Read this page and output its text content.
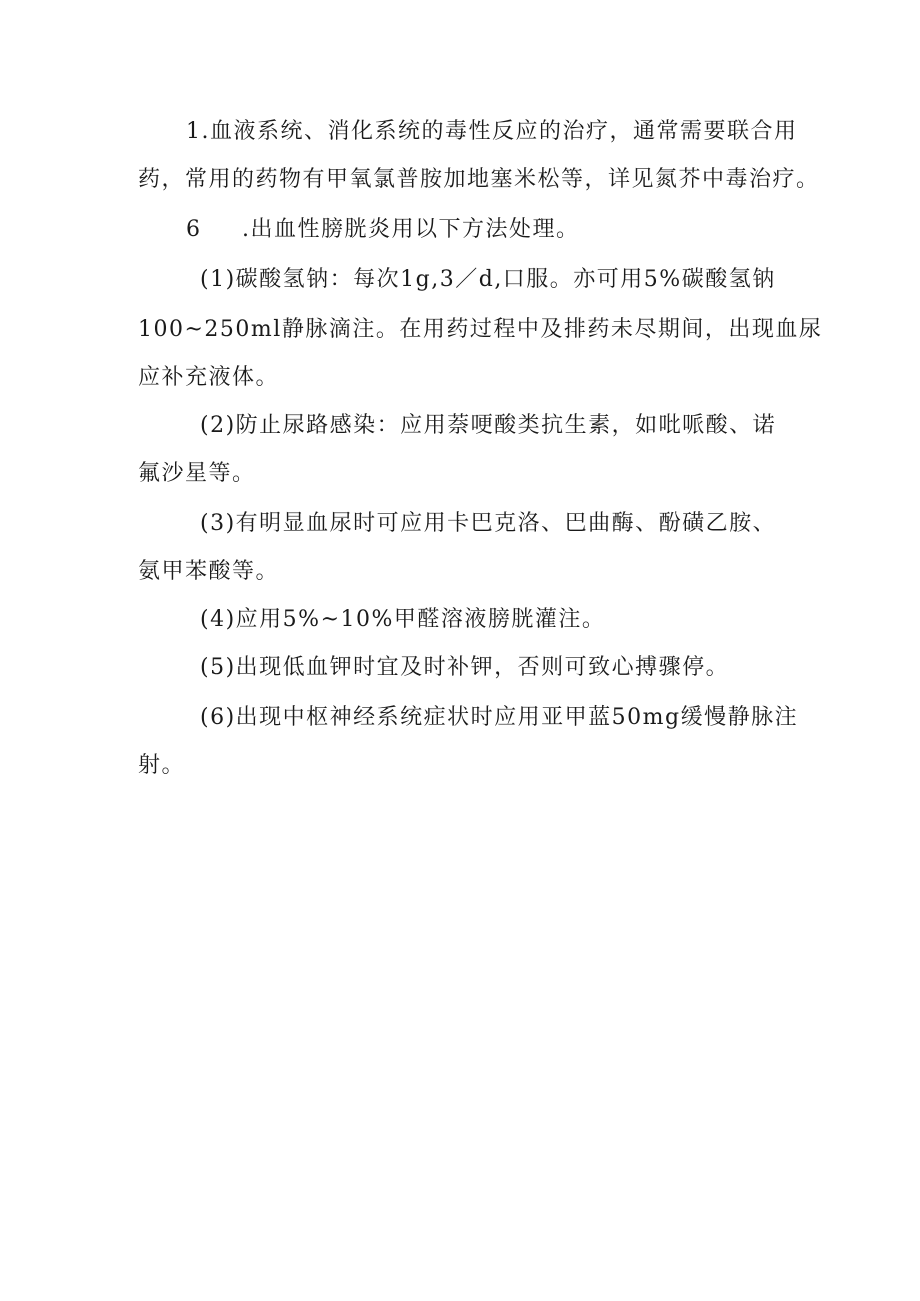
1.血液系统、消化系统的毒性反应的治疗，通常需要联合用
药，常用的药物有甲氧氯普胺加地塞米松等，详见氮芥中毒治疗。
6 .出血性膀胱炎用以下方法处理。
(1)碳酸氢钠：每次1g,3／d,口服。亦可用5%碳酸氢钠
100~250ml静脉滴注。在用药过程中及排药未尽期间，出现血尿
应补充液体。
(2)防止尿路感染：应用萘哽酸类抗生素，如吡哌酸、诺
氟沙星等。
(3)有明显血尿时可应用卡巴克洛、巴曲酶、酚磺乙胺、
氨甲苯酸等。
(4)应用5%~10%甲醛溶液膀胱灌注。
(5)出现低血钾时宜及时补钾，否则可致心搏骤停。
(6)出现中枢神经系统症状时应用亚甲蓝50mg缓慢静脉注
射。
